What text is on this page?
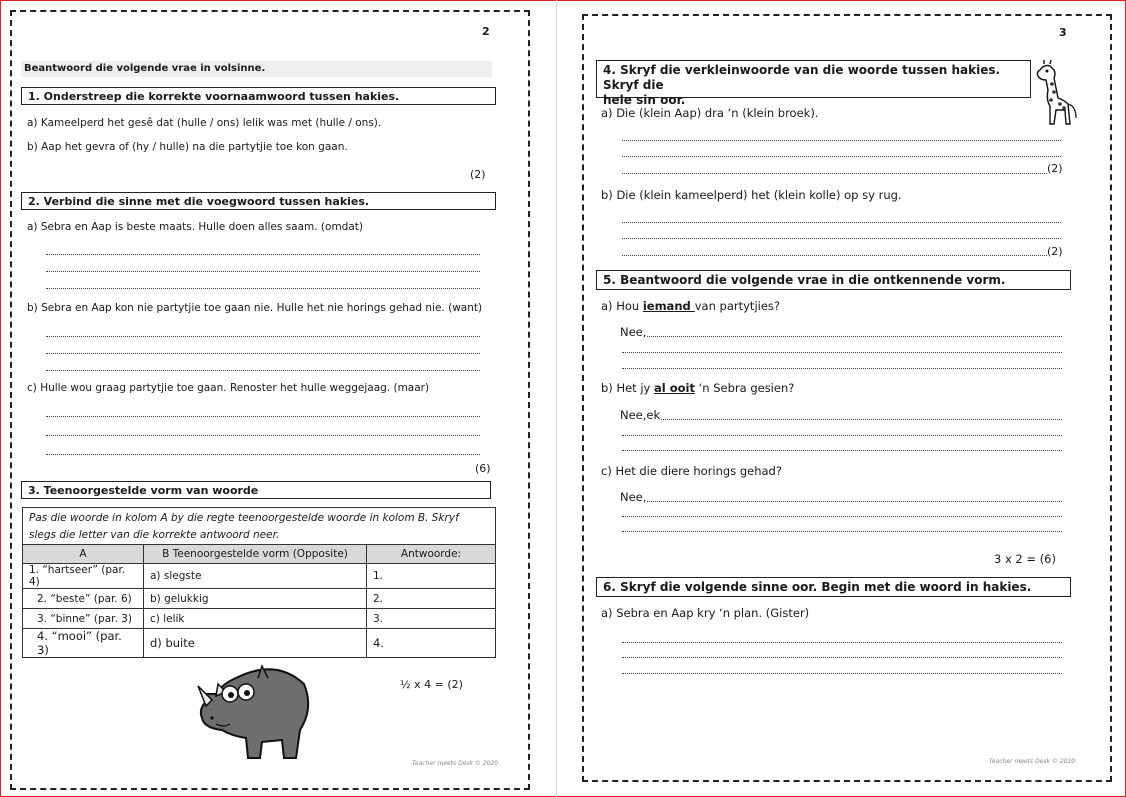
2
Beantwoord die volgende vrae in volsinne.
1. Onderstreep die korrekte voornaamwoord tussen hakies.
a) Kameelperd het gesê dat (hulle / ons) lelik was met (hulle / ons).
b) Aap het gevra of (hy / hulle) na die partytjie toe kon gaan.
(2)
2. Verbind die sinne met die voegwoord tussen hakies.
a) Sebra en Aap is beste maats. Hulle doen alles saam. (omdat)
b) Sebra en Aap kon nie partytjie toe gaan nie. Hulle het nie horings gehad nie. (want)
c) Hulle wou graag partytjie toe gaan. Renoster het hulle weggejaag. (maar)
(6)
3. Teenoorgestelde vorm van woorde
Pas die woorde in kolom A by die regte teenoorgestelde woorde in kolom B. Skryf
slegs die letter van die korrekte antwoord neer.
A	B Teenoorgestelde vorm (Opposite)	Antwoorde:
1. “hartseer” (par. 4)	a) slegste	1.
2. “beste” (par. 6)	b) gelukkig	2.
3. “binne” (par. 3)	c) lelik	3.
4. “mooi” (par. 3)	d) buite	4.
½ x 4 = (2)
Teacher meets Desk © 2020
3
4. Skryf die verkleinwoorde van die woorde tussen hakies. Skryf die
hele sin oor.
a) Die (klein Aap) dra ‘n (klein broek).
(2)
b) Die (klein kameelperd) het (klein kolle) op sy rug.
(2)
5. Beantwoord die volgende vrae in die ontkennende vorm.
a) Hou iemand van partytjies?
Nee,
b) Het jy al ooit ‘n Sebra gesien?
Nee,ek
c) Het die diere horings gehad?
Nee,
3 x 2 = (6)
6. Skryf die volgende sinne oor. Begin met die woord in hakies.
a) Sebra en Aap kry ‘n plan. (Gister)
Teacher meets Desk © 2020
